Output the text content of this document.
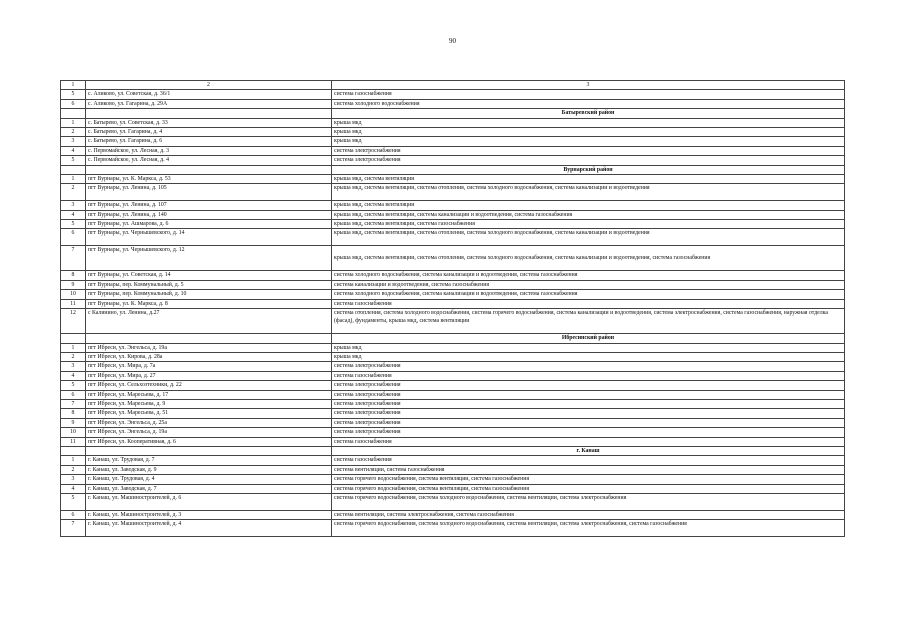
90
1	2	3
5	с. Аликово, ул. Советская, д. 36/1	система газоснабжения
6	с. Аликово, ул. Гагарина, д. 29А	система холодного водоснабжения
		Батыревский район
1	с. Батырево, ул. Советская, д. 33	крыша мкд
2	с. Батырево, ул. Гагарина, д. 4	крыша мкд
3	с. Батырево, ул. Гагарина, д. 6	крыша мкд
4	с. Первомайское, ул. Лесная, д. 3	система электроснабжения
5	с. Первомайское, ул. Лесная, д. 4	система электроснабжения
		Вурнарский район
1	пгт Вурнары, ул. К. Маркса, д. 53	крыша мкд, система вентиляции
2	пгт Вурнары, ул. Ленина, д. 105	крыша мкд, система вентиляции, система отопления, система холодного водоснабжения, система канализации и водоотведения
3	пгт Вурнары, ул. Ленина, д. 107	крыша мкд, система вентиляции
4	пгт Вурнары, ул. Ленина, д. 140	крыша мкд, система вентиляции, система канализации и водоотведения, система газоснабжения
5	пгт Вурнары, ул. Ашмарова, д. 6	крыша мкд, система вентиляции, система газоснабжения
6	пгт Вурнары, ул. Чернышевского, д. 14	крыша мкд, система вентиляции, система отопления, система холодного водоснабжения, система канализации и водоотведения
7	пгт Вурнары, ул. Чернышевского, д. 12	крыша мкд, система вентиляции, система отопления, система холодного водоснабжения, система канализации и водоотведения, система газоснабжения
8	пгт Вурнары, ул. Советская, д. 14	система холодного водоснабжения, система канализации и водоотведения, система газоснабжения
9	пгт Вурнары, пер. Коммунальный, д. 5	система канализации и водоотведения, система газоснабжения
10	пгт Вурнары, пер. Коммунальный, д. 10	система холодного водоснабжения, система канализации и водоотведения, система газоснабжения
11	пгт Вурнары, ул. К. Маркса, д. 8	система газоснабжения
12	с Калинино, ул. Ленина, д.27	система отопления, система холодного водоснабжения, система горячего водоснабжения, система канализации и водоотведения, система электроснабжения, система газоснабжения, наружная отделка (фасад), фундаменты, крыша мкд, система вентиляции
		Ибресинский район
1	пгт Ибреси, ул. Энгельса, д. 19а	крыша мкд
2	пгт Ибреси, ул. Кирова, д. 28а	крыша мкд
3	пгт Ибреси, ул. Мира, д. 7а	система электроснабжения
4	пгт Ибреси, ул. Мира, д. 27	система газоснабжения
5	пгт Ибреси, ул. Сельхозтехники, д. 22	система электроснабжения
6	пгт Ибреси, ул. Маресьева, д. 17	система электроснабжения
7	пгт Ибреси, ул. Маресьева, д. 9	система электроснабжения
8	пгт Ибреси, ул. Маресьева, д. 51	система электроснабжения
9	пгт Ибреси, ул. Энгельса, д. 25а	система электроснабжения
10	пгт Ибреси, ул. Энгельса, д. 19а	система электроснабжения
11	пгт Ибреси, ул. Кооперативная, д. 6	система газоснабжения
		г. Канаш
1	г. Канаш, ул. Трудовая, д. 7	система газоснабжения
2	г. Канаш, ул. Заводская, д. 9	система вентиляции, система газоснабжения
3	г. Канаш, ул. Трудовая, д. 4	система горячего водоснабжения, система вентиляции, система газоснабжения
4	г. Канаш, ул. Заводская, д. 7	система горячего водоснабжения, система вентиляции, система газоснабжения
5	г. Канаш, ул. Машиностроителей, д. 6	система горячего водоснабжения, система холодного водоснабжения, система вентиляции, система электроснабжения
6	г. Канаш, ул. Машиностроителей, д. 3	система вентиляции, система электроснабжения, система газоснабжения
7	г. Канаш, ул. Машиностроителей, д. 4	система горячего водоснабжения, система холодного водоснабжения, система вентиляции, система электроснабжения, система газоснабжения
